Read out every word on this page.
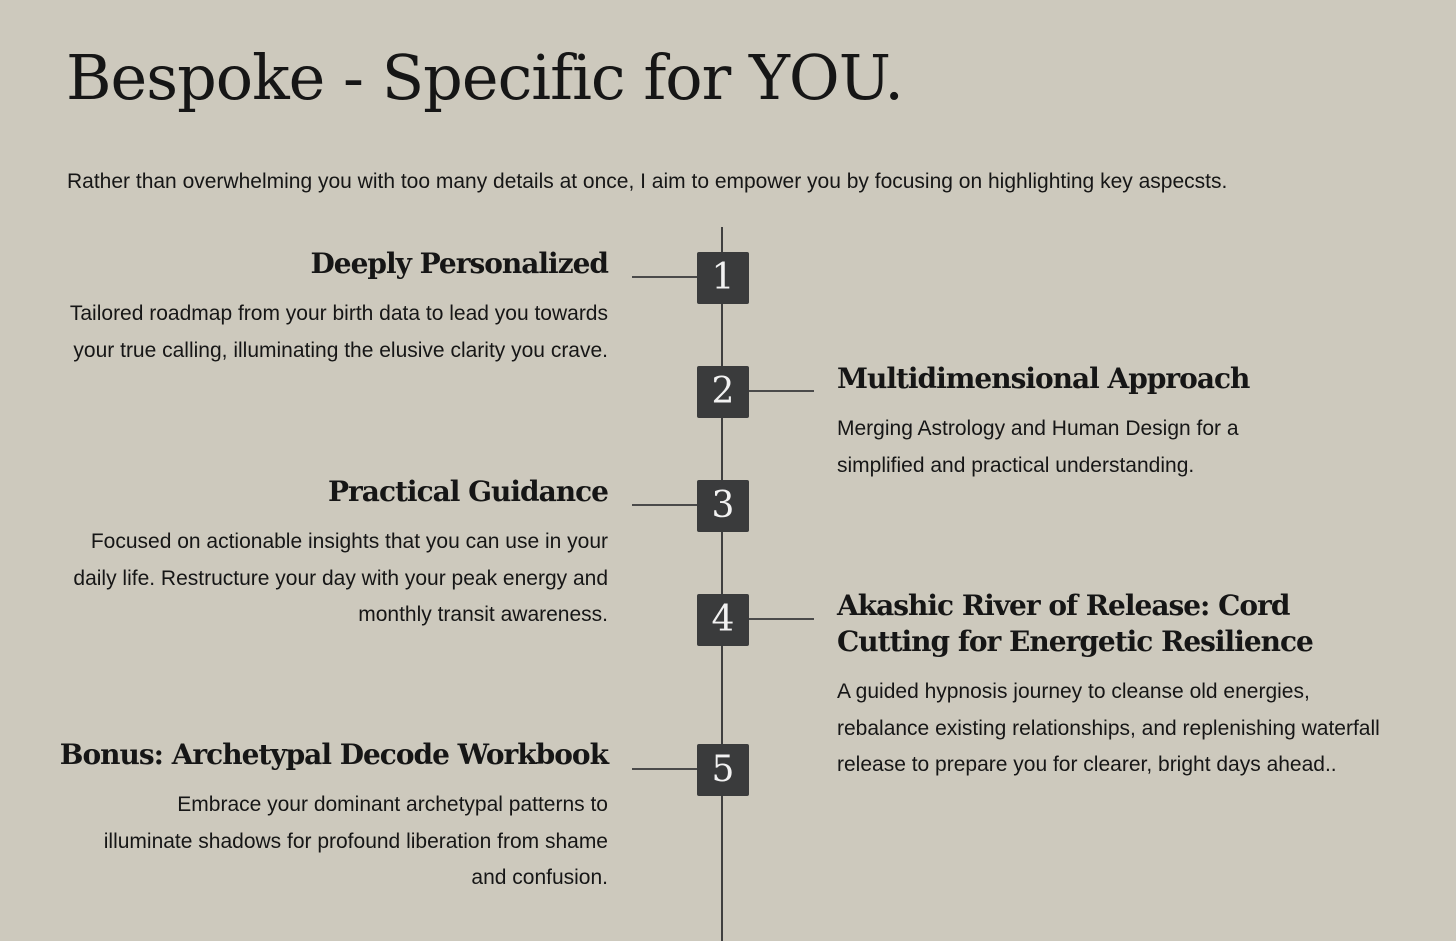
Bespoke - Specific for YOU.

Rather than overwhelming you with too many details at once, I aim to empower you by focusing on highlighting key aspecsts.

1
2
3
4
5
Deeply Personalized

Tailored roadmap from your birth data to lead you towards your true calling, illuminating the elusive clarity you crave.

Multidimensional Approach

Merging Astrology and Human Design for a simplified and practical understanding.

Practical Guidance

Focused on actionable insights that you can use in your daily life. Restructure your day with your peak energy and monthly transit awareness.	Akashic River of Release: Cord Cutting for Energetic Resilience

A guided hypnosis journey to cleanse old energies, rebalance existing relationships, and replenishing waterfall release to prepare you for clearer, bright days ahead..

Bonus: Archetypal Decode Workbook

Embrace your dominant archetypal patterns to illuminate shadows for profound liberation from shame and confusion.
